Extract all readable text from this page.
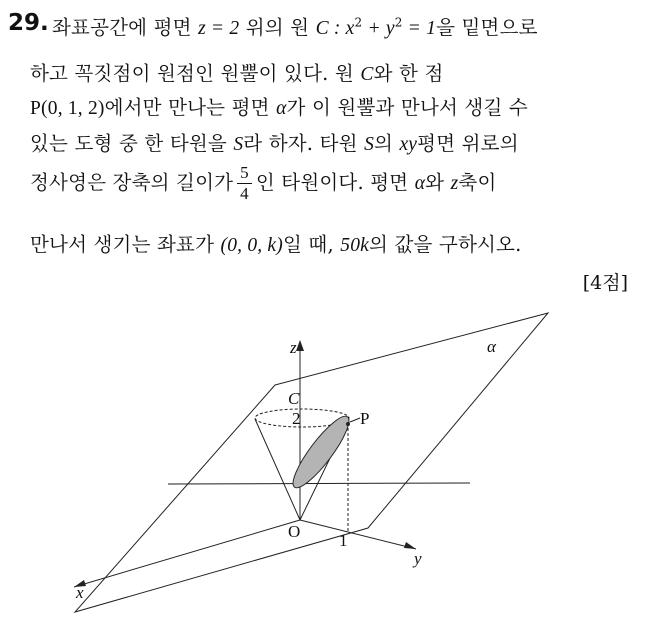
29. 좌표공간에 평면 z = 2 위의 원 C : $x^2 + y^2 = 1$을 밑면으로
하고 꼭짓점이 원점인 원뿔이 있다. 원 C와 한 점
P(0, 1, 2)에서만 만나는 평면 α가 이 원뿔과 만나서 생길 수
있는 도형 중 한 타원을 S라 하자. 타원 S의 xy평면 위로의
정사영은 장축의 길이가 $\frac{5}{4}$ 인 타원이다. 평면 α와 z축이
만나서 생기는 좌표가 (0, 0, k)일 때, 50k의 값을 구하시오.
[4점]
z
x
y
O 1
2
C
P
α
